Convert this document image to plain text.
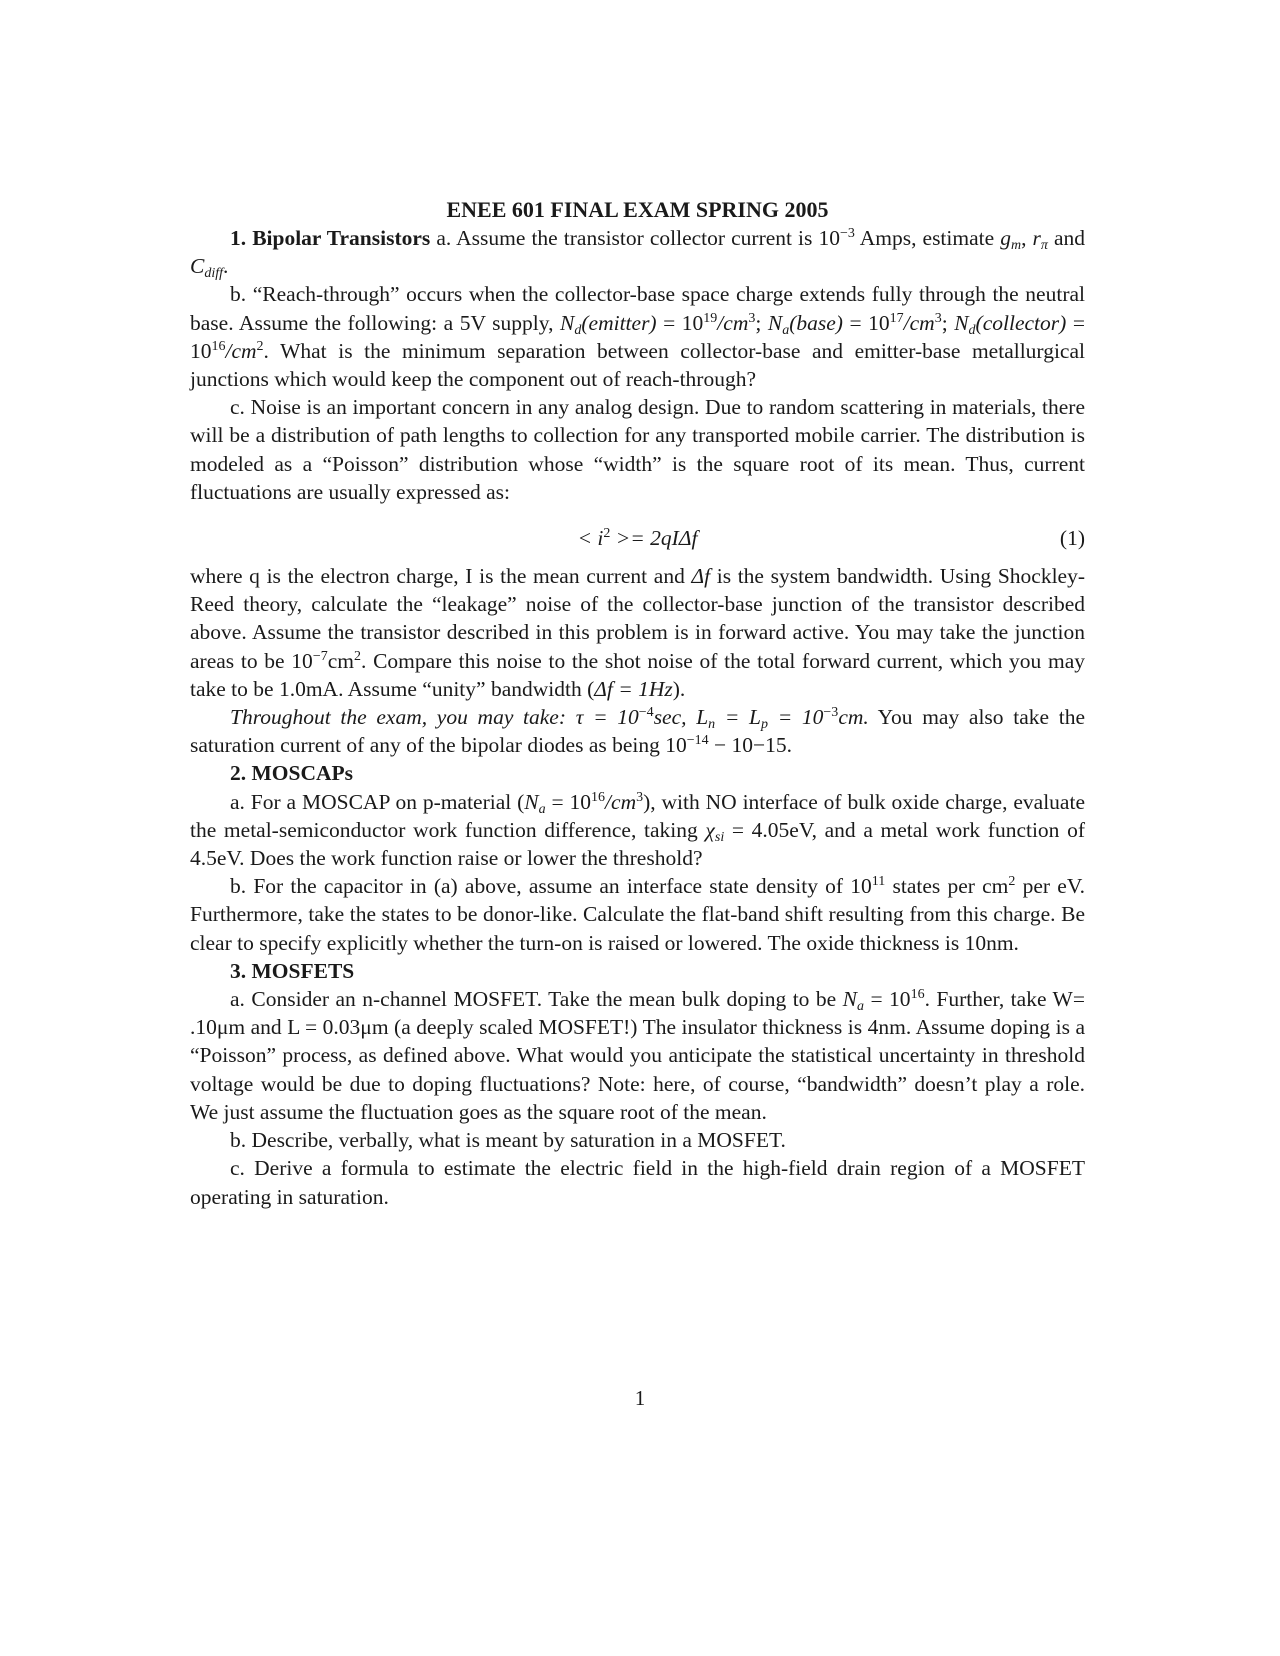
ENEE 601 FINAL EXAM SPRING 2005

1. Bipolar Transistors a. Assume the transistor collector current is $10^{-3}$ Amps, estimate $g_m$, $r_\pi$ and $C_{diff}$.

b. “Reach-through” occurs when the collector-base space charge extends fully through the neutral base. Assume the following: a 5V supply, $N_d(emitter) = 10^{19}/cm^3$; $N_a(base) = 10^{17}/cm^3$; $N_d(collector) = 10^{16}/cm^2$. What is the minimum separation between collector-base and emitter-base metallurgical junctions which would keep the component out of reach-through?

c. Noise is an important concern in any analog design. Due to random scattering in materials, there will be a distribution of path lengths to collection for any transported mobile carrier. The distribution is modeled as a “Poisson” distribution whose “width” is the square root of its mean. Thus, current fluctuations are usually expressed as:

< $i^2 >= 2qI\Delta f$	(1)

where q is the electron charge, I is the mean current and Δf is the system bandwidth. Using Shockley-Reed theory, calculate the “leakage” noise of the collector-base junction of the transistor described above. Assume the transistor described in this problem is in forward active. You may take the junction areas to be $10^{-7}cm^2$. Compare this noise to the shot noise of the total forward current, which you may take to be 1.0mA. Assume “unity” bandwidth (Δf = 1Hz).

Throughout the exam, you may take: $\tau = 10^{-4}\sec$, $L_n = L_p = 10^{-3}cm$. You may also take the saturation current of any of the bipolar diodes as being $10^{-14} - 10-15$.

2. MOSCAPs

a. For a MOSCAP on p-material $(N_a = 10^{16}/cm^3)$, with NO interface of bulk oxide charge, evaluate the metal-semiconductor work function difference, taking $\chi_{si} = 4.05eV$, and a metal work function of 4.5eV. Does the work function raise or lower the threshold?

b. For the capacitor in (a) above, assume an interface state density of $10^{11}$ states per $cm^2$ per eV. Furthermore, take the states to be donor-like. Calculate the flat-band shift resulting from this charge. Be clear to specify explicitly whether the turn-on is raised or lowered. The oxide thickness is 10nm.

3. MOSFETS

a. Consider an n-channel MOSFET. Take the mean bulk doping to be $N_a = 10^{16}$. Further, take W= .10μm and L = 0.03μm (a deeply scaled MOSFET!) The insulator thickness is 4nm. Assume doping is a “Poisson” process, as defined above. What would you anticipate the statistical uncertainty in threshold voltage would be due to doping fluctuations? Note: here, of course, “bandwidth” doesn’t play a role. We just assume the fluctuation goes as the square root of the mean.

b. Describe, verbally, what is meant by saturation in a MOSFET.

c. Derive a formula to estimate the electric field in the high-field drain region of a MOSFET operating in saturation.

1
